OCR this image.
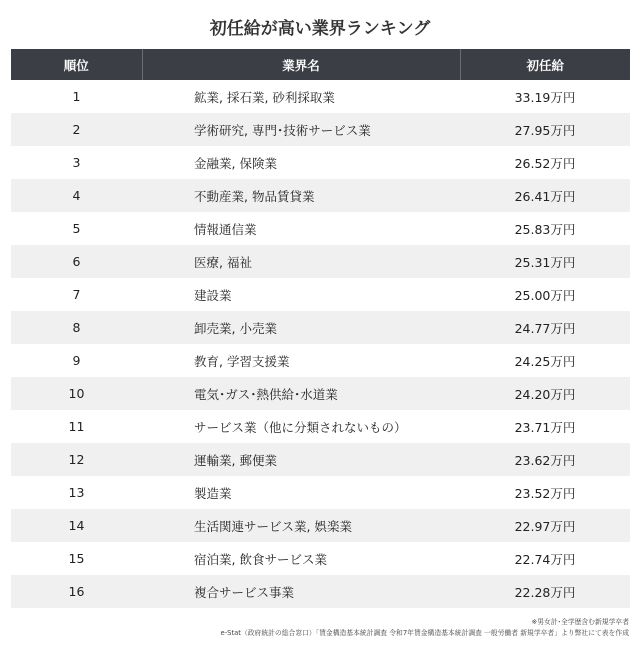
初任給が高い業界ランキング
順位	業界名	初任給
1	鉱業, 採石業, 砂利採取業	33.19万円
2	学術研究, 専門･技術サービス業	27.95万円
3	金融業, 保険業	26.52万円
4	不動産業, 物品賃貸業	26.41万円
5	情報通信業	25.83万円
6	医療, 福祉	25.31万円
7	建設業	25.00万円
8	卸売業, 小売業	24.77万円
9	教育, 学習支援業	24.25万円
10	電気･ガス･熱供給･水道業	24.20万円
11	サービス業（他に分類されないもの）	23.71万円
12	運輸業, 郵便業	23.62万円
13	製造業	23.52万円
14	生活関連サービス業, 娯楽業	22.97万円
15	宿泊業, 飲食サービス業	22.74万円
16	複合サービス事業	22.28万円
※男女計･全学歴含む新規学卒者
e-Stat（政府統計の総合窓口）「賃金構造基本統計調査 令和7年賃金構造基本統計調査 一般労働者 新規学卒者」より弊社にて表を作成
